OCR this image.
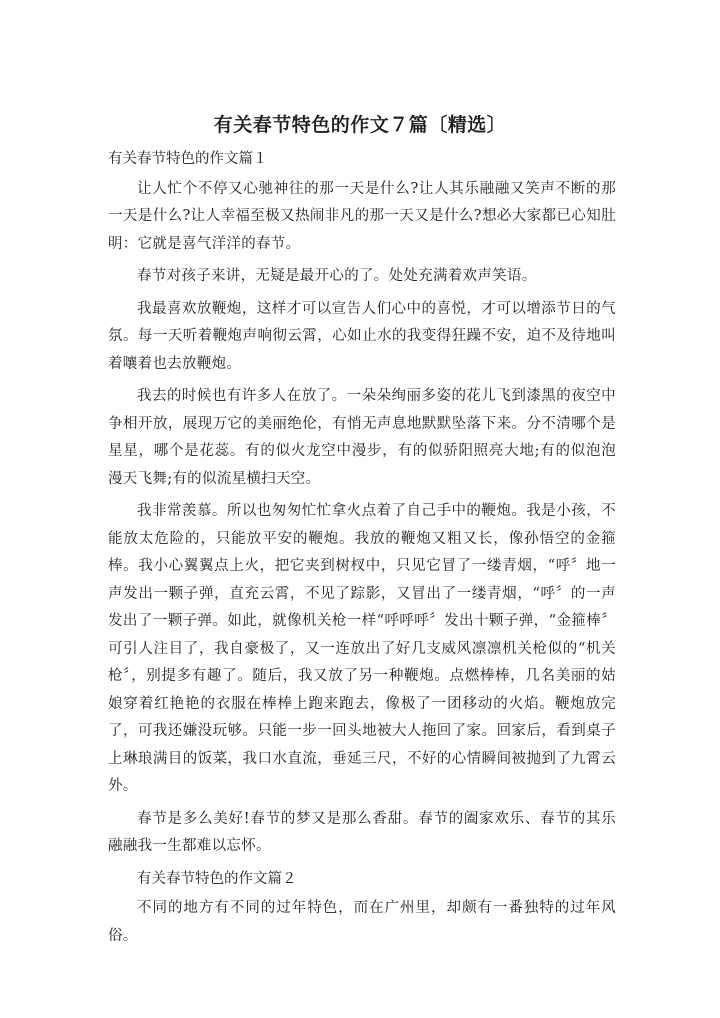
有关春节特色的作文７篇〔精选〕

有关春节特色的作文篇１

让人忙个不停又心驰神往的那一天是什么?让人其乐融融又笑声不断的那一天是什么?让人幸福至极又热闹非凡的那一天又是什么?想必大家都已心知肚明：它就是喜气洋洋的春节。

春节对孩子来讲，无疑是最开心的了。处处充满着欢声笑语。

我最喜欢放鞭炮，这样才可以宣告人们心中的喜悦，才可以增添节日的气氛。每一天听着鞭炮声响彻云霄，心如止水的我变得狂躁不安，迫不及待地叫着嚷着也去放鞭炮。

我去的时候也有许多人在放了。一朵朵绚丽多姿的花儿飞到漆黑的夜空中争相开放，展现万它的美丽绝伦，有悄无声息地默默坠落下来。分不清哪个是星星，哪个是花蕊。有的似火龙空中漫步，有的似骄阳照亮大地;有的似泡泡漫天飞舞;有的似流星横扫天空。

我非常羡慕。所以也匆匆忙忙拿火点着了自己手中的鞭炮。我是小孩，不能放太危险的，只能放平安的鞭炮。我放的鞭炮又粗又长，像孙悟空的金箍棒。我小心翼翼点上火，把它夹到树杈中，只见它冒了一缕青烟，“呼〞地一声发出一颗子弹，直充云霄，不见了踪影，又冒出了一缕青烟，“呼〞的一声发出了一颗子弹。如此，就像机关枪一样“呼呼呼〞发出十颗子弹，“金箍棒〞可引人注目了，我自豪极了，又一连放出了好几支威风凛凛机关枪似的“机关枪〞，别提多有趣了。随后，我又放了另一种鞭炮。点燃棒棒，几名美丽的姑娘穿着红艳艳的衣服在棒棒上跑来跑去，像极了一团移动的火焰。鞭炮放完了，可我还嫌没玩够。只能一步一回头地被大人拖回了家。回家后，看到桌子上琳琅满目的饭菜，我口水直流，垂延三尺，不好的心情瞬间被抛到了九霄云外。

春节是多么美好!春节的梦又是那么香甜。春节的阖家欢乐、春节的其乐融融我一生都难以忘怀。

有关春节特色的作文篇２

不同的地方有不同的过年特色，而在广州里，却颇有一番独特的过年风俗。
